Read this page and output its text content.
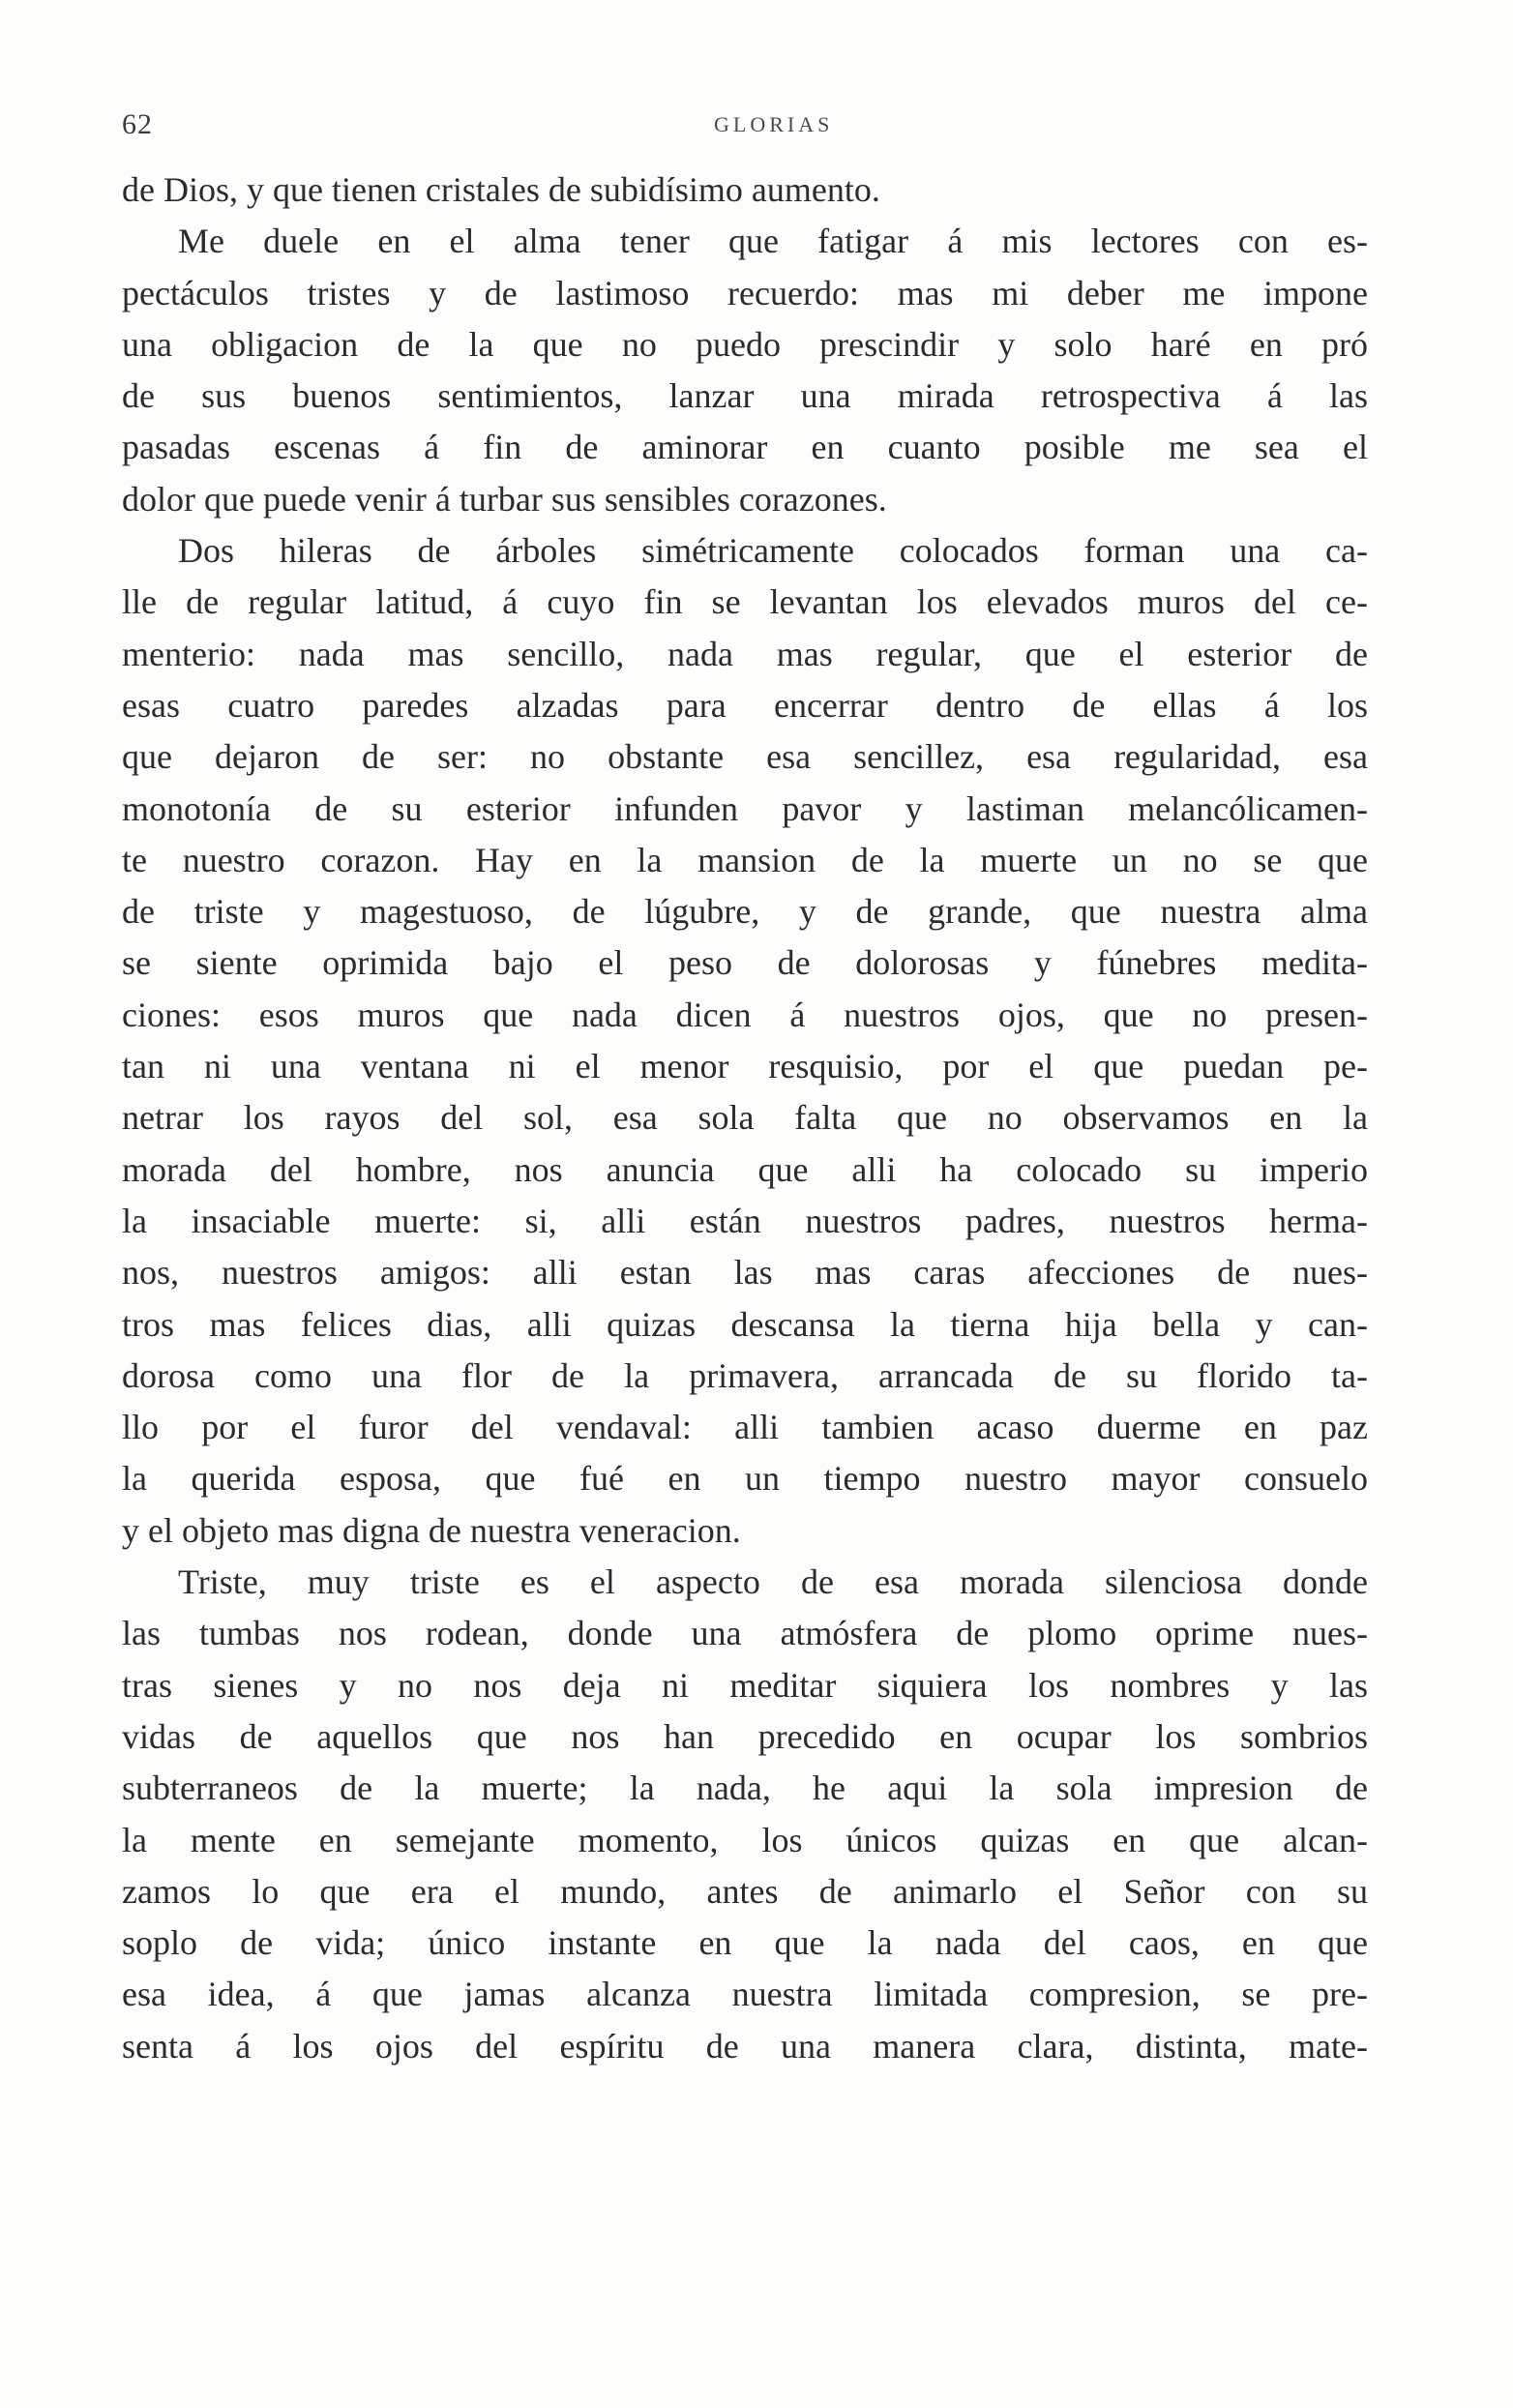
62	GLORIAS
de Dios, y que tienen cristales de subidísimo aumento.
Me duele en el alma tener que fatigar á mis lectores con es-
pectáculos tristes y de lastimoso recuerdo: mas mi deber me impone
una obligacion de la que no puedo prescindir y solo haré en pró
de sus buenos sentimientos, lanzar una mirada retrospectiva á las
pasadas escenas á fin de aminorar en cuanto posible me sea el
dolor que puede venir á turbar sus sensibles corazones.
Dos hileras de árboles simétricamente colocados forman una ca-
lle de regular latitud, á cuyo fin se levantan los elevados muros del ce-
menterio: nada mas sencillo, nada mas regular, que el esterior de
esas cuatro paredes alzadas para encerrar dentro de ellas á los
que dejaron de ser: no obstante esa sencillez, esa regularidad, esa
monotonía de su esterior infunden pavor y lastiman melancólicamen-
te nuestro corazon. Hay en la mansion de la muerte un no se que
de triste y magestuoso, de lúgubre, y de grande, que nuestra alma
se siente oprimida bajo el peso de dolorosas y fúnebres medita-
ciones: esos muros que nada dicen á nuestros ojos, que no presen-
tan ni una ventana ni el menor resquisio, por el que puedan pe-
netrar los rayos del sol, esa sola falta que no observamos en la
morada del hombre, nos anuncia que alli ha colocado su imperio
la insaciable muerte: si, alli están nuestros padres, nuestros herma-
nos, nuestros amigos: alli estan las mas caras afecciones de nues-
tros mas felices dias, alli quizas descansa la tierna hija bella y can-
dorosa como una flor de la primavera, arrancada de su florido ta-
llo por el furor del vendaval: alli tambien acaso duerme en paz
la querida esposa, que fué en un tiempo nuestro mayor consuelo
y el objeto mas digna de nuestra veneracion.
Triste, muy triste es el aspecto de esa morada silenciosa donde
las tumbas nos rodean, donde una atmósfera de plomo oprime nues-
tras sienes y no nos deja ni meditar siquiera los nombres y las
vidas de aquellos que nos han precedido en ocupar los sombrios
subterraneos de la muerte; la nada, he aqui la sola impresion de
la mente en semejante momento, los únicos quizas en que alcan-
zamos lo que era el mundo, antes de animarlo el Señor con su
soplo de vida; único instante en que la nada del caos, en que
esa idea, á que jamas alcanza nuestra limitada compresion, se pre-
senta á los ojos del espíritu de una manera clara, distinta, mate-
